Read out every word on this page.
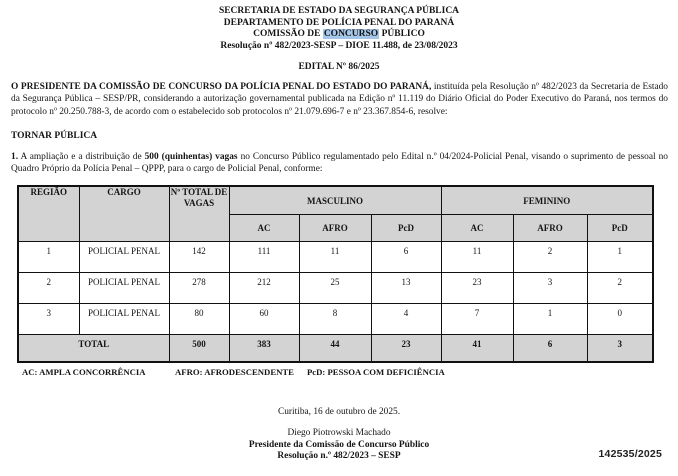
SECRETARIA DE ESTADO DA SEGURANÇA PÚBLICA
DEPARTAMENTO DE POLÍCIA PENAL DO PARANÁ
COMISSÃO DE CONCURSO PÚBLICO
Resolução nº 482/2023-SESP – DIOE 11.488, de 23/08/2023
EDITAL Nº 86/2025

O PRESIDENTE DA COMISSÃO DE CONCURSO DA POLÍCIA PENAL DO ESTADO DO PARANÁ, instituída pela Resolução nº 482/2023 da Secretaria de Estado da Segurança Pública – SESP/PR, considerando a autorização governamental publicada na Edição nº 11.119 do Diário Oficial do Poder Executivo do Paraná, nos termos do protocolo nº 20.250.788-3, de acordo com o estabelecido sob protocolos nº 21.079.696-7 e nº 23.367.854-6, resolve:

TORNAR PÚBLICA

1. A ampliação e a distribuição de 500 (quinhentas) vagas no Concurso Público regulamentado pelo Edital n.º 04/2024-Policial Penal, visando o suprimento de pessoal no Quadro Próprio da Polícia Penal – QPPP, para o cargo de Policial Penal, conforme:

REGIÃO	CARGO	Nº TOTAL DE VAGAS	MASCULINO			FEMININO		
			AC	AFRO	PcD	AC	AFRO	PcD
1	POLICIAL PENAL	142	111	11	6	11	2	1
2	POLICIAL PENAL	278	212	25	13	23	3	2
3	POLICIAL PENAL	80	60	8	4	7	1	0
TOTAL		500	383	44	23	41	6	3
AC: AMPLA CONCORRÊNCIA	AFRO: AFRODESCENDENTE PcD: PESSOA COM DEFICIÊNCIA
Curitiba, 16 de outubro de 2025.
Diego Piotrowski Machado
Presidente da Comissão de Concurso Público
Resolução n.º 482/2023 – SESP	142535/2025
